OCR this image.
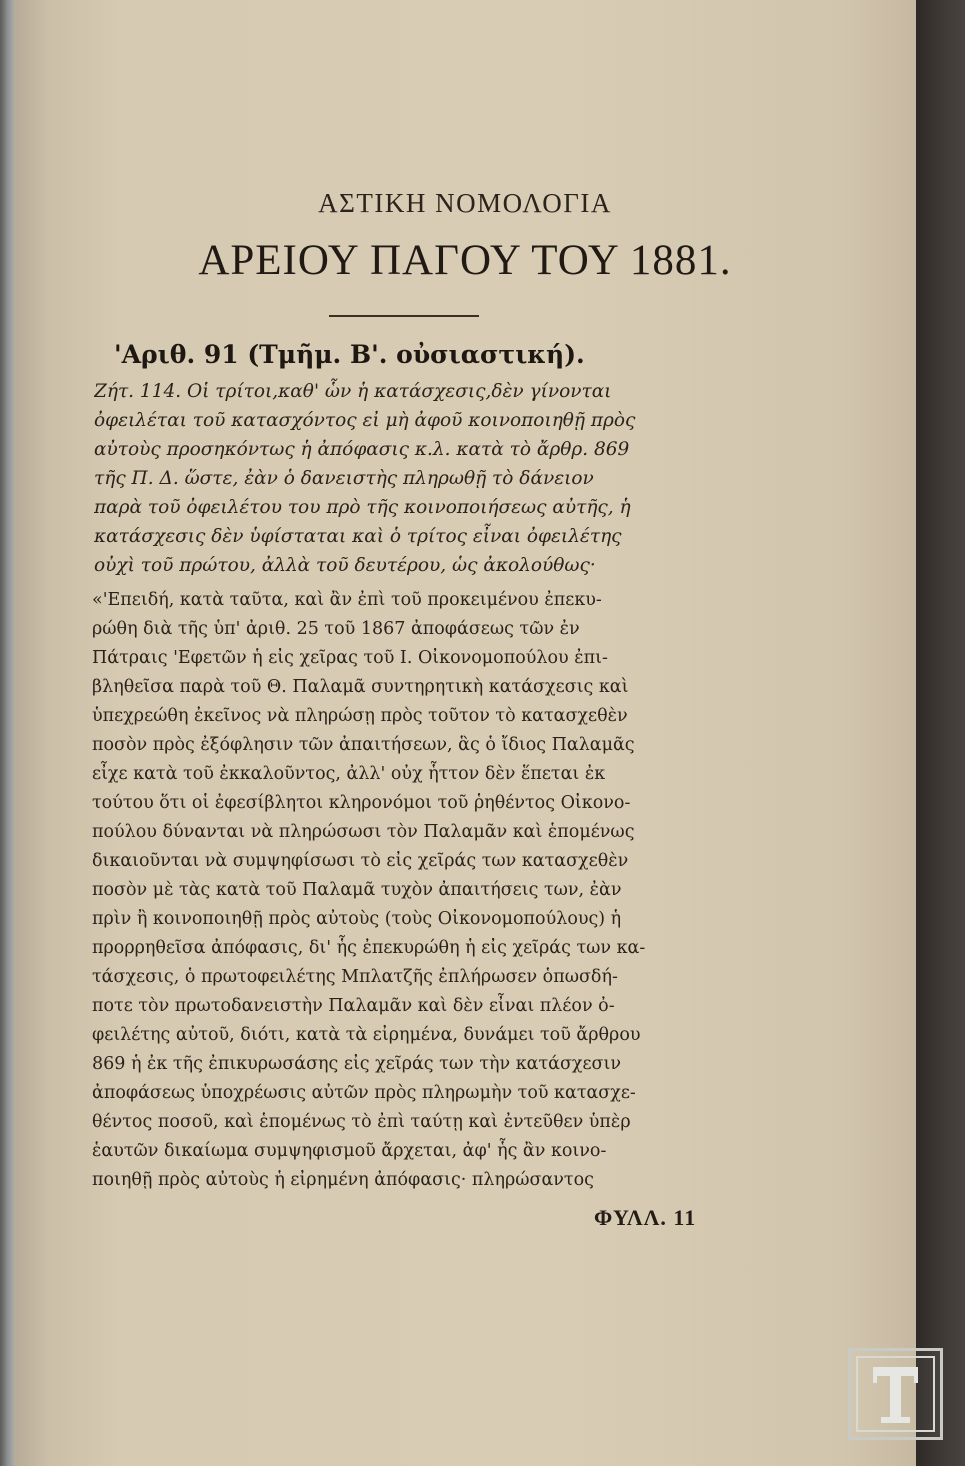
ΑΣΤΙΚΗ ΝΟΜΟΛΟΓΙΑ
ΑΡΕΙΟΥ ΠΑΓΟΥ ΤΟΥ 1881.
'Αριθ. 91 (Τμῆμ. Β'. οὐσιαστική).
Ζήτ. 114. Οἱ τρίτοι,καθ' ὧν ἡ κατάσχεσις,δὲν γίνονται
ὀφειλέται τοῦ κατασχόντος εἰ μὴ ἀφοῦ κοινοποιηθῇ πρὸς
αὐτοὺς προσηκόντως ἡ ἀπόφασις κ.λ. κατὰ τὸ ἄρθρ. 869
τῆς Π. Δ. ὥστε, ἐὰν ὁ δανειστὴς πληρωθῇ τὸ δάνειον
παρὰ τοῦ ὀφειλέτου του πρὸ τῆς κοινοποιήσεως αὐτῆς, ἡ
κατάσχεσις δὲν ὑφίσταται καὶ ὁ τρίτος εἶναι ὀφειλέτης
οὐχὶ τοῦ πρώτου, ἀλλὰ τοῦ δευτέρου, ὡς ἀκολούθως·
«'Επειδή, κατὰ ταῦτα, καὶ ἂν ἐπὶ τοῦ προκειμένου ἐπεκυ-
ρώθη διὰ τῆς ὑπ' ἀριθ. 25 τοῦ 1867 ἀποφάσεως τῶν ἐν
Πάτραις 'Εφετῶν ἡ εἰς χεῖρας τοῦ Ι. Οἰκονομοπούλου ἐπι-
βληθεῖσα παρὰ τοῦ Θ. Παλαμᾶ συντηρητικὴ κατάσχεσις καὶ
ὑπεχρεώθη ἐκεῖνος νὰ πληρώσῃ πρὸς τοῦτον τὸ κατασχεθὲν
ποσὸν πρὸς ἐξόφλησιν τῶν ἀπαιτήσεων, ἃς ὁ ἴδιος Παλαμᾶς
εἶχε κατὰ τοῦ ἐκκαλοῦντος, ἀλλ' οὐχ ἧττον δὲν ἕπεται ἐκ
τούτου ὅτι οἱ ἐφεσίβλητοι κληρονόμοι τοῦ ῥηθέντος Οἰκονο-
πούλου δύνανται νὰ πληρώσωσι τὸν Παλαμᾶν καὶ ἑπομένως
δικαιοῦνται νὰ συμψηφίσωσι τὸ εἰς χεῖράς των κατασχεθὲν
ποσὸν μὲ τὰς κατὰ τοῦ Παλαμᾶ τυχὸν ἀπαιτήσεις των, ἐὰν
πρὶν ἢ κοινοποιηθῇ πρὸς αὐτοὺς (τοὺς Οἰκονομοπούλους) ἡ
προρρηθεῖσα ἀπόφασις, δι' ἧς ἐπεκυρώθη ἡ εἰς χεῖράς των κα-
τάσχεσις, ὁ πρωτοφειλέτης Μπλατζῆς ἐπλήρωσεν ὁπωσδή-
ποτε τὸν πρωτοδανειστὴν Παλαμᾶν καὶ δὲν εἶναι πλέον ὀ-
φειλέτης αὐτοῦ, διότι, κατὰ τὰ εἰρημένα, δυνάμει τοῦ ἄρθρου
869 ἡ ἐκ τῆς ἐπικυρωσάσης εἰς χεῖράς των τὴν κατάσχεσιν
ἀποφάσεως ὑποχρέωσις αὐτῶν πρὸς πληρωμὴν τοῦ κατασχε-
θέντος ποσοῦ, καὶ ἑπομένως τὸ ἐπὶ ταύτῃ καὶ ἐντεῦθεν ὑπὲρ
ἑαυτῶν δικαίωμα συμψηφισμοῦ ἄρχεται, ἀφ' ἧς ἂν κοινο-
ποιηθῇ πρὸς αὐτοὺς ἡ εἰρημένη ἀπόφασις· πληρώσαντος
ΦΥΛΛ. 11
